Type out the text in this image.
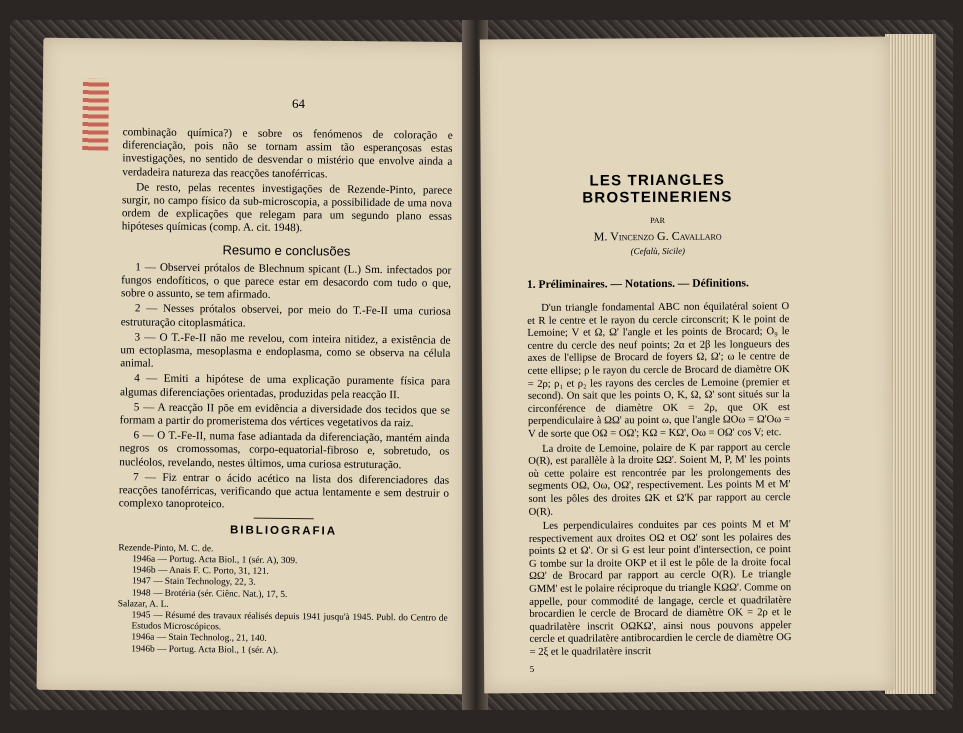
64

combinação química?) e sobre os fenómenos de coloração e diferenciação, pois não se tornam assim tão esperançosas estas investigações, no sentido de desvendar o mistério que envolve ainda a verdadeira natureza das reacções tanoférricas.

De resto, pelas recentes investigações de Rezende-Pinto, parece surgir, no campo físico da sub-microscopia, a possibilidade de uma nova ordem de explicações que relegam para um segundo plano essas hipóteses químicas (comp. A. cit. 1948).

Resumo e conclusões

1 — Observei prótalos de Blechnum spicant (L.) Sm. infectados por fungos endofíticos, o que parece estar em desacordo com tudo o que, sobre o assunto, se tem afirmado.

2 — Nesses prótalos observei, por meio do T.-Fe-II uma curiosa estruturação citoplasmática.

3 — O T.-Fe-II não me revelou, com inteira nitidez, a existência de um ectoplasma, mesoplasma e endoplasma, como se observa na célula animal.

4 — Emiti a hipótese de uma explicação puramente física para algumas diferenciações orientadas, produzidas pela reacção II.

5 — A reacção II põe em evidência a diversidade dos tecidos que se formam a partir do promeristema dos vértices vegetativos da raiz.

6 — O T.-Fe-II, numa fase adiantada da diferenciação, mantém ainda negros os cromossomas, corpo-equatorial-fibroso e, sobretudo, os nucléolos, revelando, nestes últimos, uma curiosa estruturação.

7 — Fiz entrar o ácido acético na lista dos diferenciadores das reacções tanoférricas, verificando que actua lentamente e sem destruir o complexo tanoproteico.

BIBLIOGRAFIA
Rezende-Pinto, M. C. de.
1946a — Portug. Acta Biol., 1 (sér. A), 309.
1946b — Anais F. C. Porto, 31, 121.
1947 — Stain Technology, 22, 3.
1948 — Brotéria (sér. Ciênc. Nat.), 17, 5.
Salazar, A. L.
1945 — Résumé des travaux réalisés depuis 1941 jusqu'à 1945. Publ. do Centro de Estudos Microscópicos.
1946a — Stain Technolog., 21, 140.
1946b — Portug. Acta Biol., 1 (sér. A).
LES TRIANGLES BROSTEINERIENS
PAR
M. Vincenzo G. Cavallaro
(Cefalù, Sicile)
1. Préliminaires. — Notations. — Définitions.

D'un triangle fondamental ABC non équilatéral soient O et R le centre et le rayon du cercle circonscrit; K le point de Lemoine; V et Ω, Ω' l'angle et les points de Brocard; O₉ le centre du cercle des neuf points; 2α et 2β les longueurs des axes de l'ellipse de Brocard de foyers Ω, Ω'; ω le centre de cette ellipse; ρ le rayon du cercle de Brocard de diamètre OK = 2ρ; ρ₁ et ρ₂ les rayons des cercles de Lemoine (premier et second). On sait que les points O, K, Ω, Ω' sont situés sur la circonférence de diamètre OK = 2ρ, que OK est perpendiculaire à ΩΩ' au point ω, que l'angle ΩOω = Ω'Oω = V de sorte que OΩ = OΩ'; KΩ = KΩ', Oω = OΩ' cos V; etc.

La droite de Lemoine, polaire de K par rapport au cercle O(R), est parallèle à la droite ΩΩ'. Soient M, P, M' les points où cette polaire est rencontrée par les prolongements des segments OΩ, Oω, OΩ', respectivement. Les points M et M' sont les pôles des droites ΩK et Ω'K par rapport au cercle O(R).

Les perpendiculaires conduites par ces points M et M' respectivement aux droites OΩ et OΩ' sont les polaires des points Ω et Ω'. Or si G est leur point d'intersection, ce point G tombe sur la droite OKP et il est le pôle de la droite focal ΩΩ' de Brocard par rapport au cercle O(R). Le triangle GMM' est le polaire réciproque du triangle KΩΩ'. Comme on appelle, pour commodité de langage, cercle et quadrilatère brocardien le cercle de Brocard de diamètre OK = 2ρ et le quadrilatère inscrit OΩKΩ', ainsi nous pouvons appeler cercle et quadrilatère antibrocardien le cercle de diamètre OG = 2ξ et le quadrilatère inscrit

5
